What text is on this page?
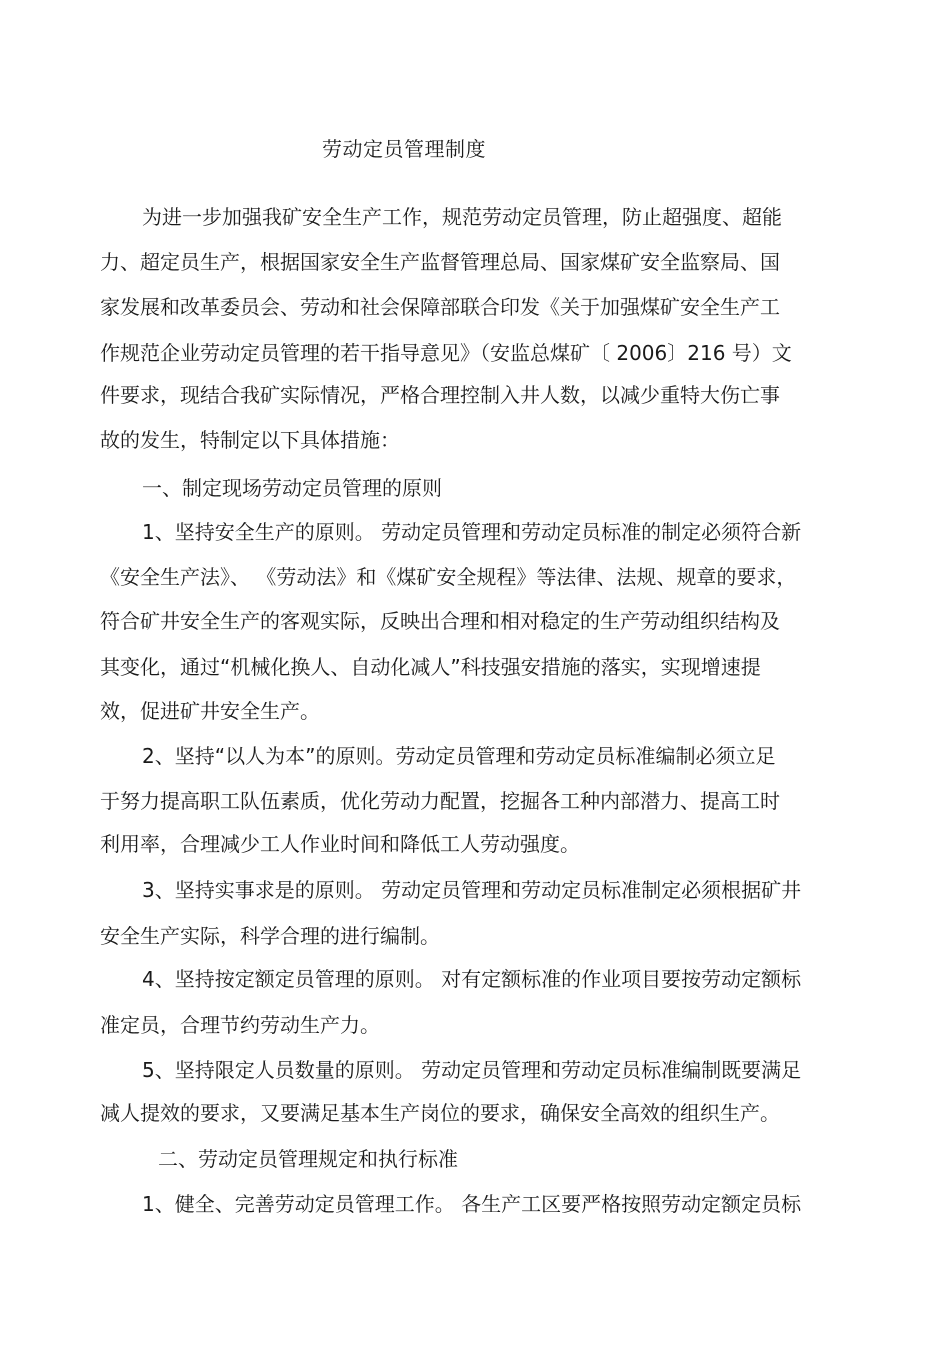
劳动定员管理制度
为进一步加强我矿安全生产工作，规范劳动定员管理，防止超强度、超能
力、超定员生产，根据国家安全生产监督管理总局、国家煤矿安全监察局、国
家发展和改革委员会、劳动和社会保障部联合印发《关于加强煤矿安全生产工
作规范企业劳动定员管理的若干指导意见》（安监总煤矿〔 2006〕216 号）文
件要求，现结合我矿实际情况，严格合理控制入井人数，以减少重特大伤亡事
故的发生，特制定以下具体措施：
一、制定现场劳动定员管理的原则
1、坚持安全生产的原则。 劳动定员管理和劳动定员标准的制定必须符合新
《安全生产法》、 《劳动法》和《煤矿安全规程》等法律、法规、规章的要求，
符合矿井安全生产的客观实际，反映出合理和相对稳定的生产劳动组织结构及
其变化，通过“机械化换人、自动化减人”科技强安措施的落实，实现增速提
效，促进矿井安全生产。
2、坚持“以人为本”的原则。劳动定员管理和劳动定员标准编制必须立足
于努力提高职工队伍素质，优化劳动力配置，挖掘各工种内部潜力、提高工时
利用率，合理减少工人作业时间和降低工人劳动强度。
3、坚持实事求是的原则。 劳动定员管理和劳动定员标准制定必须根据矿井
安全生产实际，科学合理的进行编制。
4、坚持按定额定员管理的原则。 对有定额标准的作业项目要按劳动定额标
准定员，合理节约劳动生产力。
5、坚持限定人员数量的原则。 劳动定员管理和劳动定员标准编制既要满足
减人提效的要求，又要满足基本生产岗位的要求，确保安全高效的组织生产。
二、劳动定员管理规定和执行标准
1、健全、完善劳动定员管理工作。 各生产工区要严格按照劳动定额定员标
